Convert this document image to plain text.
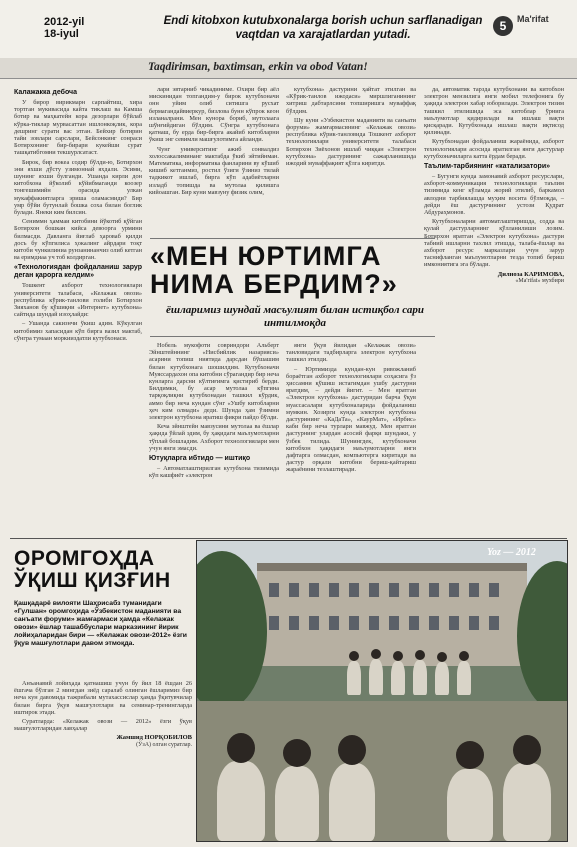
2012-yil
18-iyul
Endi kitobxon kutubxonalarga borish uchun sarflanadigan
vaqtdan va xarajatlardan yutadi.
5	Ma'rifat
Taqdirimsan, baxtimsan, erkin va obod Vatan!
Калажакка дебоча

У бирор вирикмарн сарпайтиш, хира тортган мукивасида кайта тиклаш ва Камша ботир ва маҳкатейн кора дезорлари бўйлаб кўрка-тиклар мурвасаттан ишлонкоқлик, кора дешринг сурати вас этган. Бейхир ботирин тайи зовлари сарслари, Бейсонкинг сонраси Ботирхонинг бир-бирари кукейши сурат ташқатибгомни текшурлсатаст.

Бирок, бир вокеа содир бўлди-ю, Ботирхон эни яхши дўсту узимоннай яхдали. Эсими, шунинг яхши булганди. Ушанда кирли дон китобхона йўколиб кўйибмаганди коозер тонгешимийн орасида улкан мукаффакиятларга эриша оламасмиди? Бир умр бўйи бутунлай бошка соха билан боглик булади. Янеки ким билсин.

Сениммн ҳаммаи китобини йўкотиб қўйган Ботирхон бошкан кийса девоорга урмини билмасди. Давланга йиғлаб ҳароваб қилди досъ бу кўпгилиса ҳокалинг айрдари тоқт китоби чункилиниа рунзанинанчиз олиб кетган ва еримдиаа уч тоб колдирган.

«Технологиядан фойдаланиш зарур деган қарорга келдим»

Тошкент ахборот технологиялари университети талабаси, «Келажак овози» республика кўрик-танлови голиби Ботирхон Зияханов бу қўшиқни «Интернет» кутубхона» сайтида шундай изоҳлайди:

– Ушанда сакизнчи ўкиш адим. Кўкулган китобимиз хапасидан кўп бирга вазил мактаб, сўнгра тумаан моркииздатли кутубхонаси.

лари эвтарниб чикадиниме. Охири бир аёл мискинидан топгандим-у бирок кутубхоначи онн уйим олиб ситишга русхат бермагандайвиеркур, бизлова бунн кўпрок кеон изланалрани. Мен кунора бориб, мутолаага шўнғийдиган бўлдим. Сўнгра кутубхонага қатнаш, бу ерда бир-бирга акайиб китобларни ўкиш энг севимли машғулотимга айланди.

Чунг университинг ажиб сонвалдиз холоссакалиминанг мактабда ўкиб эйтийнман. Математика, информатика фанларини ву кўшиб кишиб кетганмиз, ростил ўзиги ўзиниз тилай тадкикот ишлаб, бирга кўп адабиётларни изладб топишда ва мутолаа қилишга кийоашган. Бир куни мавзуну физик олим,

кутубхона» дастурини ҳайтат этилган ва «Кўрик-танлов ижодаси» миршлиганининг хитриш дабтарлсини топширишга муваффақ бўлдим.

Шу куни «Узбекистон маданияти ва санъати форуми» жамғармасининг «Келажак овози» республика кўрик-танловида Тошкент ахборот технологиялари университети талабаси Ботирхон Зиёхонов ишлаб чиққан «Электрон кутубхона» дастурининг сажарланишида ижодий муваффақият қўлга киритди.

«МЕН ЮРТИМГА
НИМА БЕРДИМ?»
ёшларимиз шундай масъулият билан истиқбол сари интилмоқда

Нобель мукофоти совриндори Альберт Эйнштейннинг «Нисбийлик назарияси» асарини топиш ниятида дарсдан бўшашим билан кутубхонага шошилдим. Кутубхоначи Муяссардахон опа китобни сўрагандир бир неча кунларга дарсни кўлтиғимга қистириб берди. Билдимки, бу асар мутолаа кўпгина тарқоқлиқни кутубхонадан ташкил кўрдик, аммо бир неча кундан сўнг «Ушбу китобларни ҳеч ким олмади» деди. Шунда ҳам ўзимни электрон кутубхона яратиш фикри пайдо бўлди.

Кеча эйнштейн мавзусини мутолаа ва ёшлар ҳақида ўйлай эдим, бу ҳақидаги маълумотларни тўплай бошладим. Ахборот технологиялари мен учун янги эмасди.

Ютуқларга ибтидо — иштиқо

– Автоматлаштирилган кутубхона тизимида кўп кашфиёт «электрон

янги ўқув йилидан «Келажак овози» танловидаги тадбирларга электрон кутубхона ташкил этилди.

– Юртимизда кундан-кун ривожланиб бораётган ахборот технологиялари соҳасига ўз ҳиссамни қўшиш истагимдан ушбу дастурни яратдим, – дейди йигит. – Мен яратган «Электрон кутубхона» дастуридан барча ўқув муассасалари кутубхоналарида фойдаланиш мумкин. Хозирги кунда электрон кутубхона дастурининг «КаДаТа», «КаурМат», «Ирбис» каби бир неча турлари мавжуд. Мен яратган дастурнинг улардан асосий фарқи шундаки, у ўзбек тилида. Шунингдек, кутубхоначи китобхон ҳақидаги маълумотларни янги дафтарга олмасдан, компьютерга киритади ва дастур орқали китобни бериш-қайтариш жараёнини тезлаштиради.

да, автоматик тарзда кутубхонани ва китобхон электрон мензилига янги мобил телефонига бу ҳақида электрон хабар юборилади. Электрон тизим ташкил этилишида эса китоблар ўрнига маълумотлар қидирилади ва ишлаш вақти қисқаради. Кутубхонада ишлаш вақти иқтисод қилинади.

Кутубхонадан фойдаланиш жараёнида, ахборот технологиялари асосида яратилган янги дастурлар кутубхоначиларга катта ёрдам беради.

Таълим-тарбиянинг «катализатори»

– Бугунги кунда замонавий ахборот ресурслари, ахборот-коммуникация технологиялари таълим тизимида кенг кўламда жорий этилиб, баркамол авлодни тарбиялашда муҳим восита бўлмоқда, – дейди ёш дастурчининг устози Қудрат Абдураҳмонов.

Кутубхоналарни автоматлаштиришда, содда ва қулай дастурларнинг қўлланилиши лозим. Ботирхон яратган «Электрон кутубхона» дастури табиий ишларни тахлил этишда, талаба-ёшлар ва ахборот ресурс марказлари учун зарур таснифланган маълумотларни тезда топиб бериш имкониятига эга бўлади.

Дилноза КАРИМОВА,
«Ma'rifat» мухбири
ОРОМГОҲДА
ЎҚИШ ҚИЗҒИН
Қашқадарё вилояти Шаҳрисабз туманидаги «Гулшан» оромгоҳида «Ўзбекистон маданияти ва санъати форуми» жамғармаси ҳамда «Келажак овози» ёшлар ташаббуслари марказининг йирик лойиҳаларидан бири — «Келажак овози-2012» ёзги ўқув машғулотлари давом этмоқда.

Анъанавий лойиҳада қатнашиш учун бу йил 18 ёшдан 26 ёшгача бўлган 2 мингдан зиёд саралаб олинган ёшларимиз бир неча кун давомида тажрибали мутахассислар ҳамда ўқитувчилар билан бирга ўқув машғулотлари ва семинар-тренингларда иштирок этади.

Суратларда: «Келажак овози — 2012» ёзги ўқув машғулотларидан лавҳалар

Жамшид НОРҚОБИЛОВ
(ЎзА) олган суратлар.
Yoz — 2012
